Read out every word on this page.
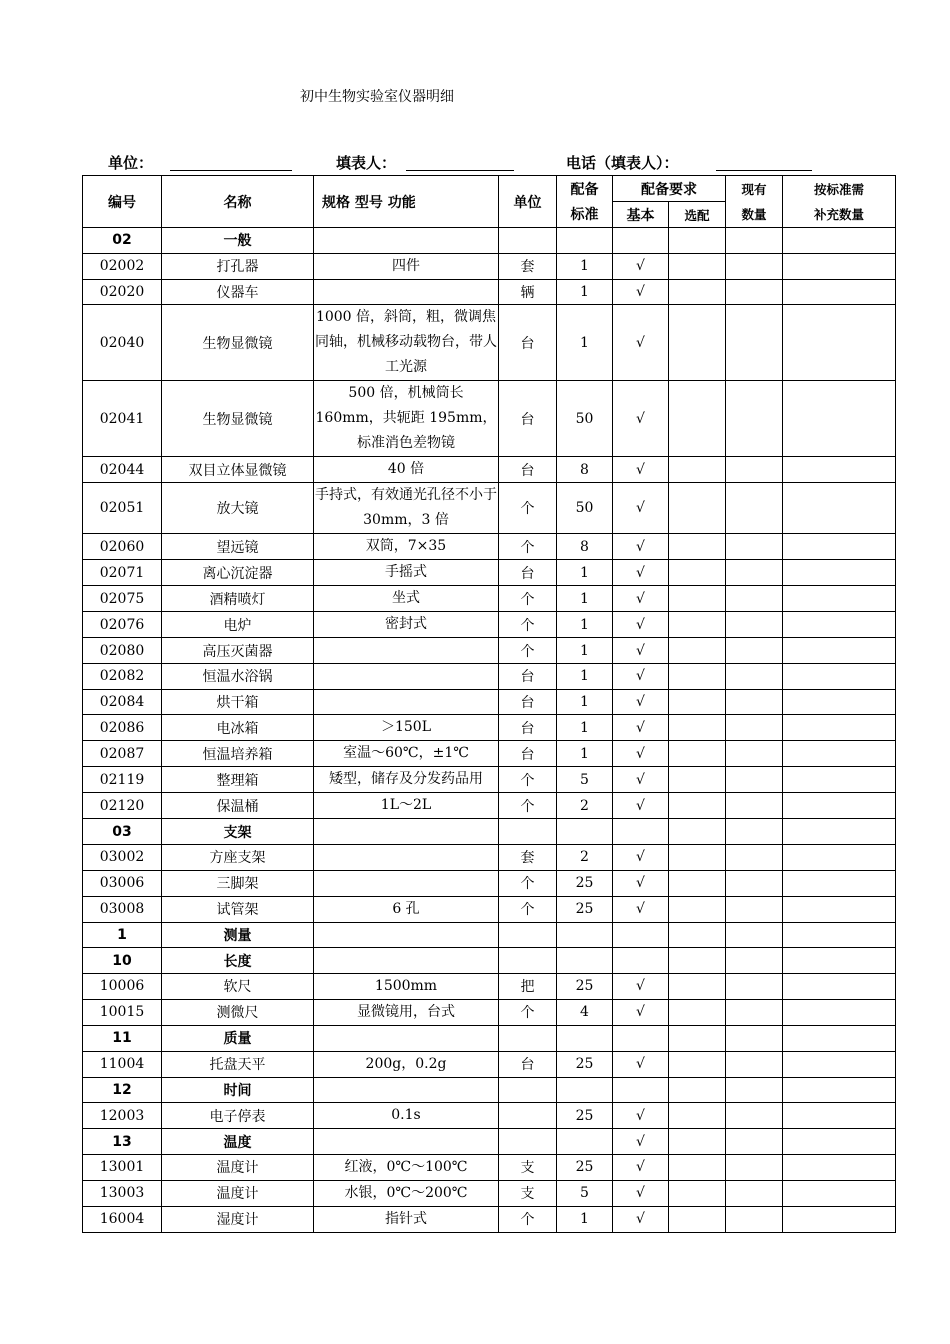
初中生物实验室仪器明细
单位：	填表人：	电话（填表人）：
编号	名称	规格 型号 功能	单位	配备	配备要求		现有	按标准需
				标准	基本	选配	数量	补充数量
02	一般							
02002	打孔器	四件	套	1	√			
02020	仪器车		辆	1	√			
02040	生物显微镜	1000 倍，斜筒，粗，微调焦同轴，机械移动载物台，带人工光源	台	1	√			
02041	生物显微镜	500 倍，机械筒长 160mm，共轭距 195mm，标准消色差物镜	台	50	√			
02044	双目立体显微镜	40 倍	台	8	√			
02051	放大镜	手持式，有效通光孔径不小于 30mm，3 倍	个	50	√			
02060	望远镜	双筒，7×35	个	8	√			
02071	离心沉淀器	手摇式	台	1	√			
02075	酒精喷灯	坐式	个	1	√			
02076	电炉	密封式	个	1	√			
02080	高压灭菌器		个	1	√			
02082	恒温水浴锅		台	1	√			
02084	烘干箱		台	1	√			
02086	电冰箱	＞150L	台	1	√			
02087	恒温培养箱	室温～60℃，±1℃	台	1	√			
02119	整理箱	矮型，储存及分发药品用	个	5	√			
02120	保温桶	1L～2L	个	2	√			
03	支架							
03002	方座支架		套	2	√			
03006	三脚架		个	25	√			
03008	试管架	6 孔	个	25	√			
1	测量							
10	长度							
10006	软尺	1500mm	把	25	√			
10015	测微尺	显微镜用，台式	个	4	√			
11	质量							
11004	托盘天平	200g，0.2g	台	25	√			
12	时间							
12003	电子停表	0.1s		25	√			
13	温度				√			
13001	温度计	红液，0℃～100℃	支	25	√			
13003	温度计	水银，0℃～200℃	支	5	√			
16004	湿度计	指针式	个	1	√			
